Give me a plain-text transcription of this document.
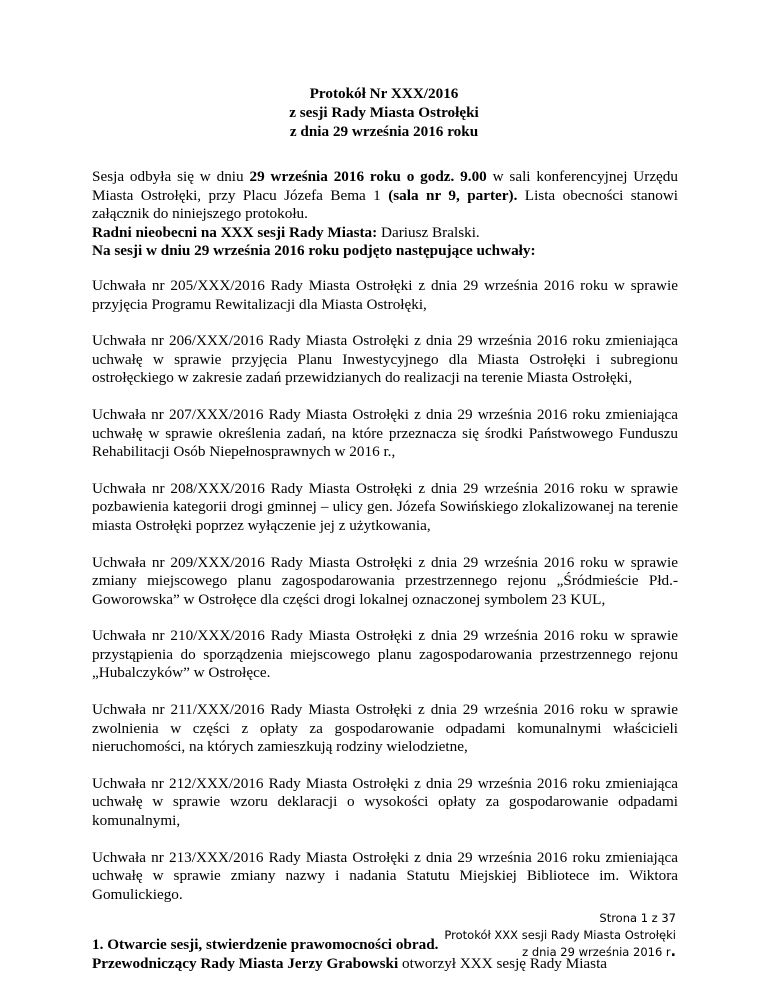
Protokół Nr XXX/2016
z sesji Rady Miasta Ostrołęki
z dnia 29 września 2016 roku

Sesja odbyła się w dniu 29 września 2016 roku o godz. 9.00 w sali konferencyjnej Urzędu Miasta Ostrołęki, przy Placu Józefa Bema 1 (sala nr 9, parter). Lista obecności stanowi załącznik do niniejszego protokołu.
Radni nieobecni na XXX sesji Rady Miasta: Dariusz Bralski.
Na sesji w dniu 29 września 2016 roku podjęto następujące uchwały:

Uchwała nr 205/XXX/2016 Rady Miasta Ostrołęki z dnia 29 września 2016 roku w sprawie przyjęcia Programu Rewitalizacji dla Miasta Ostrołęki,

Uchwała nr 206/XXX/2016 Rady Miasta Ostrołęki z dnia 29 września 2016 roku zmieniająca uchwałę w sprawie przyjęcia Planu Inwestycyjnego dla Miasta Ostrołęki i subregionu ostrołęckiego w zakresie zadań przewidzianych do realizacji na terenie Miasta Ostrołęki,

Uchwała nr 207/XXX/2016 Rady Miasta Ostrołęki z dnia 29 września 2016 roku zmieniająca uchwałę w sprawie określenia zadań, na które przeznacza się środki Państwowego Funduszu Rehabilitacji Osób Niepełnosprawnych w 2016 r.,

Uchwała nr 208/XXX/2016 Rady Miasta Ostrołęki z dnia 29 września 2016 roku w sprawie pozbawienia kategorii drogi gminnej – ulicy gen. Józefa Sowińskiego zlokalizowanej na terenie miasta Ostrołęki poprzez wyłączenie jej z użytkowania,

Uchwała nr 209/XXX/2016 Rady Miasta Ostrołęki z dnia 29 września 2016 roku w sprawie zmiany miejscowego planu zagospodarowania przestrzennego rejonu „Śródmieście Płd.- Goworowska” w Ostrołęce dla części drogi lokalnej oznaczonej symbolem 23 KUL,

Uchwała nr 210/XXX/2016 Rady Miasta Ostrołęki z dnia 29 września 2016 roku w sprawie przystąpienia do sporządzenia miejscowego planu zagospodarowania przestrzennego rejonu „Hubalczyków” w Ostrołęce.

Uchwała nr 211/XXX/2016 Rady Miasta Ostrołęki z dnia 29 września 2016 roku w sprawie zwolnienia w części z opłaty za gospodarowanie odpadami komunalnymi właścicieli nieruchomości, na których zamieszkują rodziny wielodzietne,

Uchwała nr 212/XXX/2016 Rady Miasta Ostrołęki z dnia 29 września 2016 roku zmieniająca uchwałę w sprawie wzoru deklaracji o wysokości opłaty za gospodarowanie odpadami komunalnymi,

Uchwała nr 213/XXX/2016 Rady Miasta Ostrołęki z dnia 29 września 2016 roku zmieniająca uchwałę w sprawie zmiany nazwy i nadania Statutu Miejskiej Bibliotece im. Wiktora Gomulickiego.

1. Otwarcie sesji, stwierdzenie prawomocności obrad.

Przewodniczący Rady Miasta Jerzy Grabowski otworzył XXX sesję Rady Miasta

Strona 1 z 37
Protokół XXX sesji Rady Miasta Ostrołęki
z dnia 29 września 2016 r.
